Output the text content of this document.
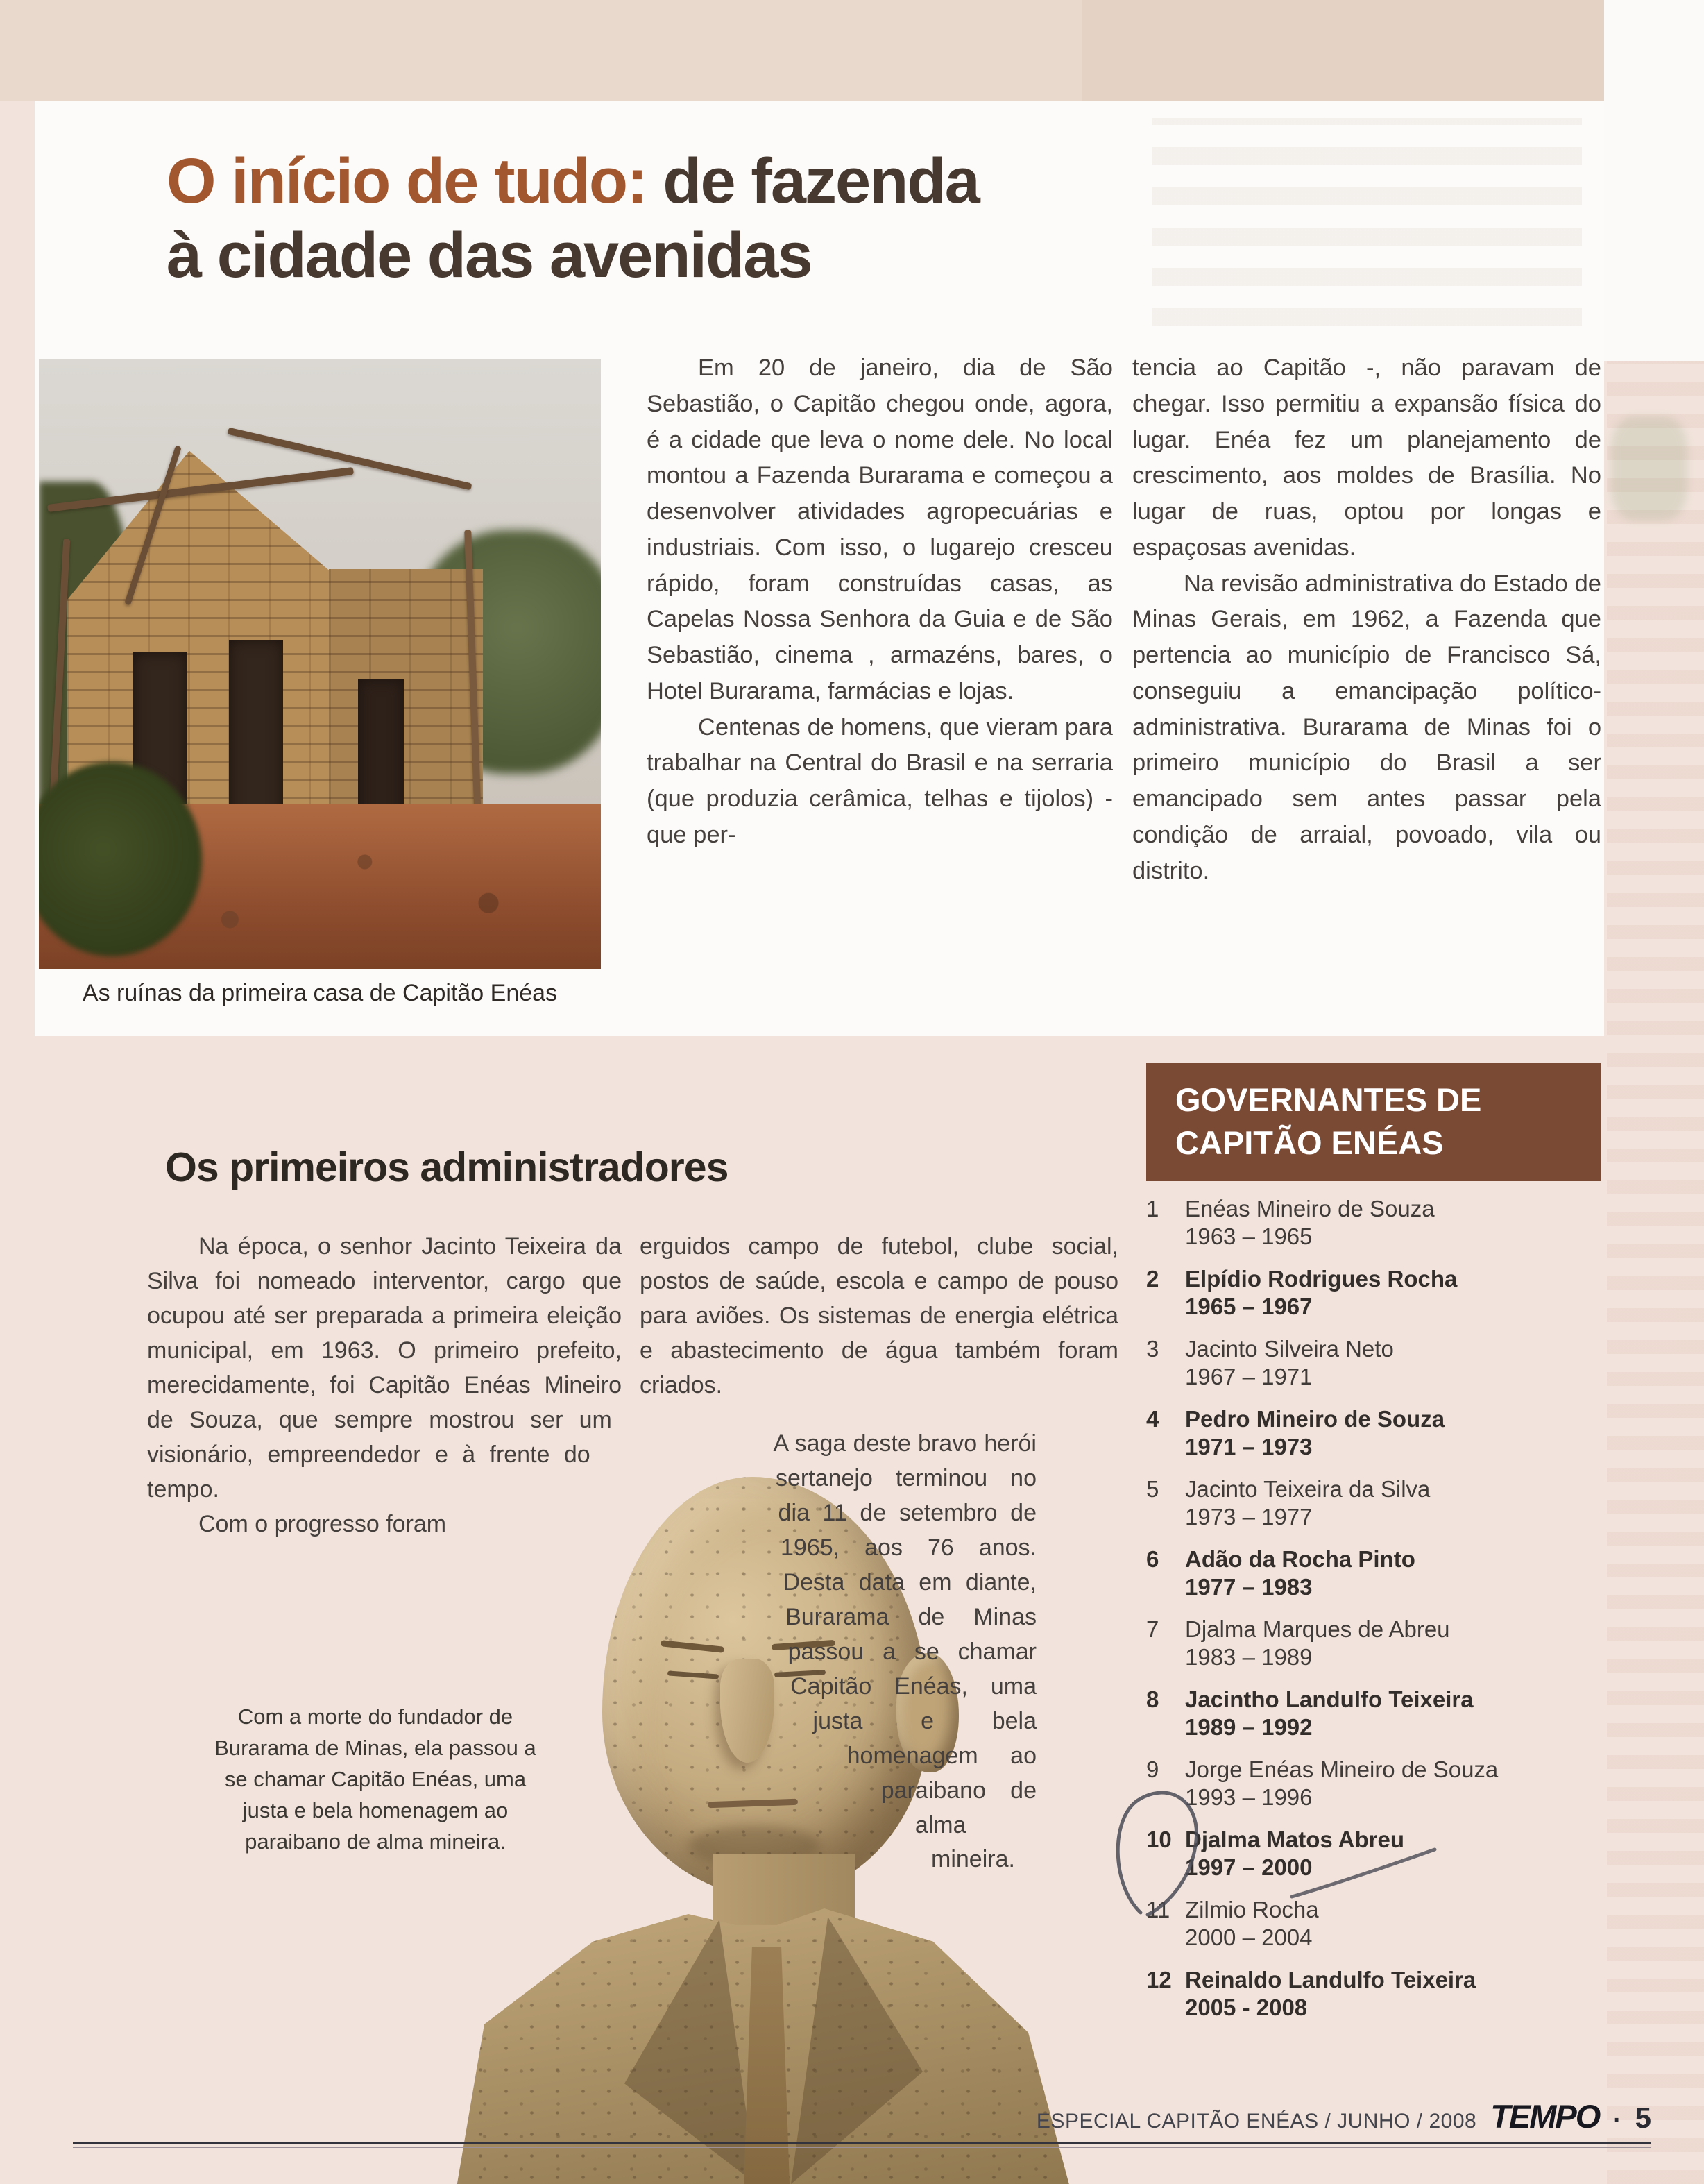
O início de tudo: de fazenda
à cidade das avenidas
As ruínas da primeira casa de Capitão Enéas

Em 20 de janeiro, dia de São Sebastião, o Capitão chegou onde, agora, é a cidade que leva o nome dele. No local montou a Fazenda Burarama e começou a desenvolver atividades agropecuárias e industriais. Com isso, o lugarejo cresceu rápido, foram construídas casas, as Capelas Nossa Senhora da Guia e de São Sebastião, cinema , armazéns, bares, o Hotel Burarama, farmácias e lojas.

Centenas de homens, que vieram para trabalhar na Central do Brasil e na serraria (que produzia cerâmica, telhas e tijolos) - que per-

tencia ao Capitão -, não paravam de chegar. Isso permitiu a expansão física do lugar. Enéa fez um planejamento de crescimento, aos moldes de Brasília. No lugar de ruas, optou por longas e espaçosas avenidas.

Na revisão administrativa do Estado de Minas Gerais, em 1962, a Fazenda que pertencia ao município de Francisco Sá, conseguiu a emancipação político-administrativa. Burarama de Minas foi o primeiro município do Brasil a ser emancipado sem antes passar pela condição de arraial, povoado, vila ou distrito.

Os primeiros administradores

Na época, o senhor Jacinto Teixeira da Silva foi nomeado interventor, cargo que ocupou até ser preparada a primeira eleição municipal, em 1963. O primeiro prefeito, merecidamente, foi Capitão Enéas Mineiro de Souza, que sempre mostrou ser um visionário, empreendedor e à frente do tempo.

Com o progresso foram

erguidos campo de futebol, clube social, postos de saúde, escola e campo de pouso para aviões. Os sistemas de energia elétrica e abastecimento de água também foram criados.

A saga deste bravo herói sertanejo terminou no dia 11 de setembro de 1965, aos 76 anos. Desta data em diante, Burarama de Minas passou a se chamar Capitão Enéas, uma justa e bela homenagem ao paraibano de alma mineira.

Com a morte do fundador de Burarama de Minas, ela passou a se chamar Capitão Enéas, uma justa e bela homenagem ao paraibano de alma mineira.
GOVERNANTES DE
CAPITÃO ENÉAS
1	Enéas Mineiro de Souza
1963 – 1965
2	Elpídio Rodrigues Rocha
1965 – 1967
3	Jacinto Silveira Neto
1967 – 1971
4	Pedro Mineiro de Souza
1971 – 1973
5	Jacinto Teixeira da Silva
1973 – 1977
6	Adão da Rocha Pinto
1977 – 1983
7	Djalma Marques de Abreu
1983 – 1989
8	Jacintho Landulfo Teixeira
1989 – 1992
9	Jorge Enéas Mineiro de Souza
1993 – 1996
10 Djalma Matos Abreu
1997 – 2000
11 Zilmio Rocha
2000 – 2004
12 Reinaldo Landulfo Teixeira
2005 - 2008
ESPECIAL CAPITÃO ENÉAS / JUNHO / 2008 TEMPO · 5
